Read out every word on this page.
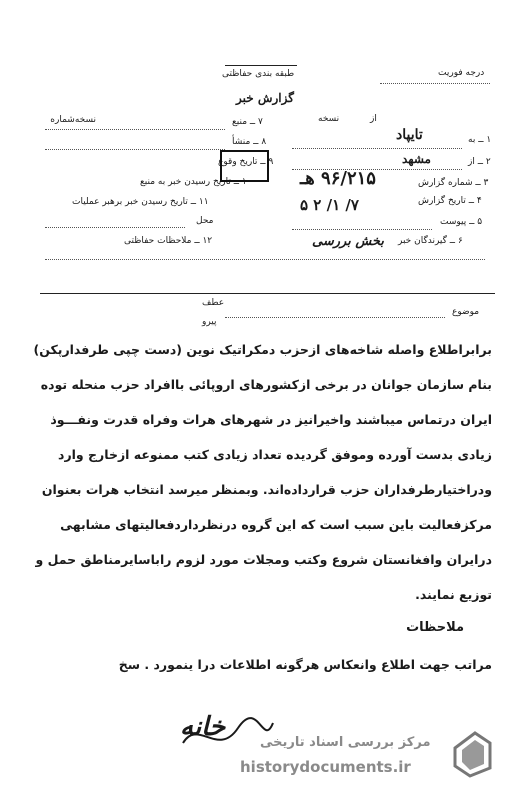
درجه فوریت
طبقه بندی حفاظتی
گزارش خبر
نسخه‌شماره	از
نسخه
۱ ــ به
تایپاد
۲ ــ از
مشهد
۳ ــ شماره گزارش
۹۶/۲۱۵ هـ
۴ ــ تاریخ گزارش
۷/ ۱/ ۲ ۵
۵ ــ پیوست
۶ ــ گیرندگان خبر
بخش بررسی
۷ ــ منبع
۸ ــ منشأ
۹ ــ تاریخ وقوع
۱۰ ــ تاریخ رسیدن خبر به منبع
۱۱ ــ تاریخ رسیدن خبر برهبر عملیات
محل
۱۲ ــ ملاحظات حفاظتی
عطف
پیرو
موضوع
برابراطلاع واصله شاخه‌های ازحزب دمکراتیک نوین (دست چپی طرفدارپکن)
بنام سازمان جوانان در برخی ازکشورهای اروپائی باافراد حزب منحله توده
ایران درتماس میباشند واخیرانیز در شهرهای هرات وفراه قدرت ونفـــوذ
زیادی بدست آورده وموفق گردیده تعداد زیادی کتب ممنوعه ازخارج وارد
ودراختیارطرفداران حزب قرارداده‌اند. وبمنظر میرسد انتخاب هرات بعنوان
مرکزفعالیت باین سبب است که این گروه درنظرداردفعالیتهای مشابهی
درایران وافغانستان شروع وکتب ومجلات مورد لزوم راباسایرمناطق حمل و
توزیع نمایند.
ملاحظات
مراتب جهت اطلاع وانعکاس هرگونه اطلاعات درا ینمورد . سخ
خانه
مرکز بررسی اسناد تاریخی
historydocuments.ir
